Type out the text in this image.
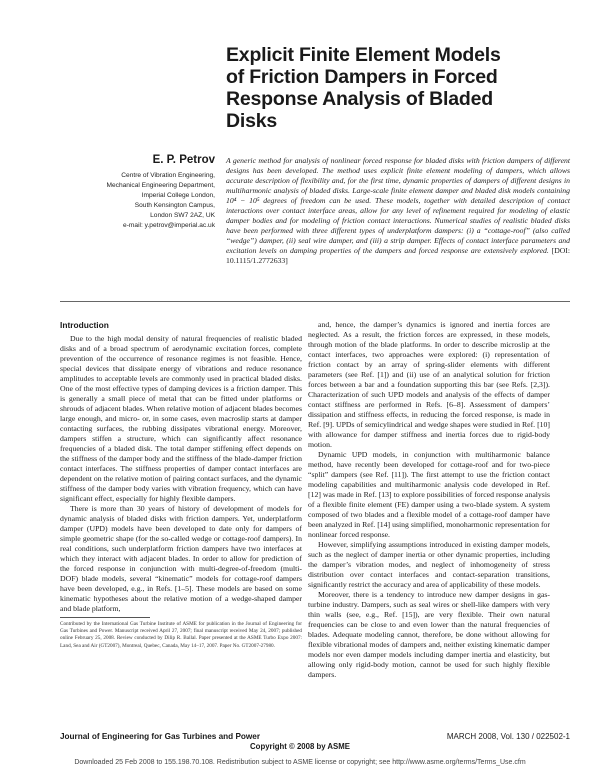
Explicit Finite Element Models
of Friction Dampers in Forced
Response Analysis of Bladed
Disks
E. P. Petrov
Centre of Vibration Engineering,
Mechanical Engineering Department,
Imperial College London,
South Kensington Campus,
London SW7 2AZ, UK
e-mail: y.petrov@imperial.ac.uk
A generic method for analysis of nonlinear forced response for bladed disks with friction dampers of different designs has been developed. The method uses explicit finite element modeling of dampers, which allows accurate description of flexibility and, for the first time, dynamic properties of dampers of different designs in multiharmonic analysis of bladed disks. Large-scale finite element damper and bladed disk models containing 10⁴ − 10⁵ degrees of freedom can be used. These models, together with detailed description of contact interactions over contact interface areas, allow for any level of refinement required for modeling of elastic damper bodies and for modeling of friction contact interactions. Numerical studies of realistic bladed disks have been performed with three different types of underplatform dampers: (i) a “cottage-roof” (also called “wedge”) damper, (ii) seal wire damper, and (iii) a strip damper. Effects of contact interface parameters and excitation levels on damping properties of the dampers and forced response are extensively explored. [DOI: 10.1115/1.2772633]
Introduction

Due to the high modal density of natural frequencies of realistic bladed disks and of a broad spectrum of aerodynamic excitation forces, complete prevention of the occurrence of resonance regimes is not feasible. Hence, special devices that dissipate energy of vibrations and reduce resonance amplitudes to acceptable levels are commonly used in practical bladed disks. One of the most effective types of damping devices is a friction damper. This is generally a small piece of metal that can be fitted under platforms or shrouds of adjacent blades. When relative motion of adjacent blades becomes large enough, and micro- or, in some cases, even macroslip starts at damper contacting surfaces, the rubbing dissipates vibrational energy. Moreover, dampers stiffen a structure, which can significantly affect resonance frequencies of a bladed disk. The total damper stiffening effect depends on the stiffness of the damper body and the stiffness of the blade-damper friction contact interfaces. The stiffness properties of damper contact interfaces are dependent on the relative motion of pairing contact surfaces, and the dynamic stiffness of the damper body varies with vibration frequency, which can have significant effect, especially for highly flexible dampers.

There is more than 30 years of history of development of models for dynamic analysis of bladed disks with friction dampers. Yet, underplatform damper (UPD) models have been developed to date only for dampers of simple geometric shape (for the so-called wedge or cottage-roof dampers). In real conditions, such underplatform friction dampers have two interfaces at which they interact with adjacent blades. In order to allow for prediction of the forced response in conjunction with multi-degree-of-freedom (multi-DOF) blade models, several “kinematic” models for cottage-roof dampers have been developed, e.g., in Refs. [1–5]. These models are based on some kinematic hypotheses about the relative motion of a wedge-shaped damper and blade platform,

Contributed by the International Gas Turbine Institute of ASME for publication in the Journal of Engineering for Gas Turbines and Power. Manuscript received April 27, 2007; final manuscript received May 24, 2007; published online February 25, 2008. Review conducted by Dilip R. Ballal. Paper presented at the ASME Turbo Expo 2007: Land, Sea and Air (GT2007), Montreal, Quebec, Canada, May 14–17, 2007. Paper No. GT2007-27980.

and, hence, the damper’s dynamics is ignored and inertia forces are neglected. As a result, the friction forces are expressed, in these models, through motion of the blade platforms. In order to describe microslip at the contact interfaces, two approaches were explored: (i) representation of friction contact by an array of spring-slider elements with different parameters (see Ref. [1]) and (ii) use of an analytical solution for friction forces between a bar and a foundation supporting this bar (see Refs. [2,3]). Characterization of such UPD models and analysis of the effects of damper contact stiffness are performed in Refs. [6–8]. Assessment of dampers’ dissipation and stiffness effects, in reducing the forced response, is made in Ref. [9]. UPDs of semicylindrical and wedge shapes were studied in Ref. [10] with allowance for damper stiffness and inertia forces due to rigid-body motion.

Dynamic UPD models, in conjunction with multiharmonic balance method, have recently been developed for cottage-roof and for two-piece “split” dampers (see Ref. [11]). The first attempt to use the friction contact modeling capabilities and multiharmonic analysis code developed in Ref. [12] was made in Ref. [13] to explore possibilities of forced response analysis of a flexible finite element (FE) damper using a two-blade system. A system composed of two blades and a flexible model of a cottage-roof damper have been analyzed in Ref. [14] using simplified, monoharmonic representation for nonlinear forced response.

However, simplifying assumptions introduced in existing damper models, such as the neglect of damper inertia or other dynamic properties, including the damper’s vibration modes, and neglect of inhomogeneity of stress distribution over contact interfaces and contact-separation transitions, significantly restrict the accuracy and area of applicability of these models.

Moreover, there is a tendency to introduce new damper designs in gas-turbine industry. Dampers, such as seal wires or shell-like dampers with very thin walls (see, e.g., Ref. [15]), are very flexible. Their own natural frequencies can be close to and even lower than the natural frequencies of blades. Adequate modeling cannot, therefore, be done without allowing for flexible vibrational modes of dampers and, neither existing kinematic damper models nor even damper models including damper inertia and elasticity, but allowing only rigid-body motion, cannot be used for such highly flexible dampers.

Journal of Engineering for Gas Turbines and Power	MARCH 2008, Vol. 130 / 022502-1
Copyright © 2008 by ASME
Downloaded 25 Feb 2008 to 155.198.70.108. Redistribution subject to ASME license or copyright; see http://www.asme.org/terms/Terms_Use.cfm
